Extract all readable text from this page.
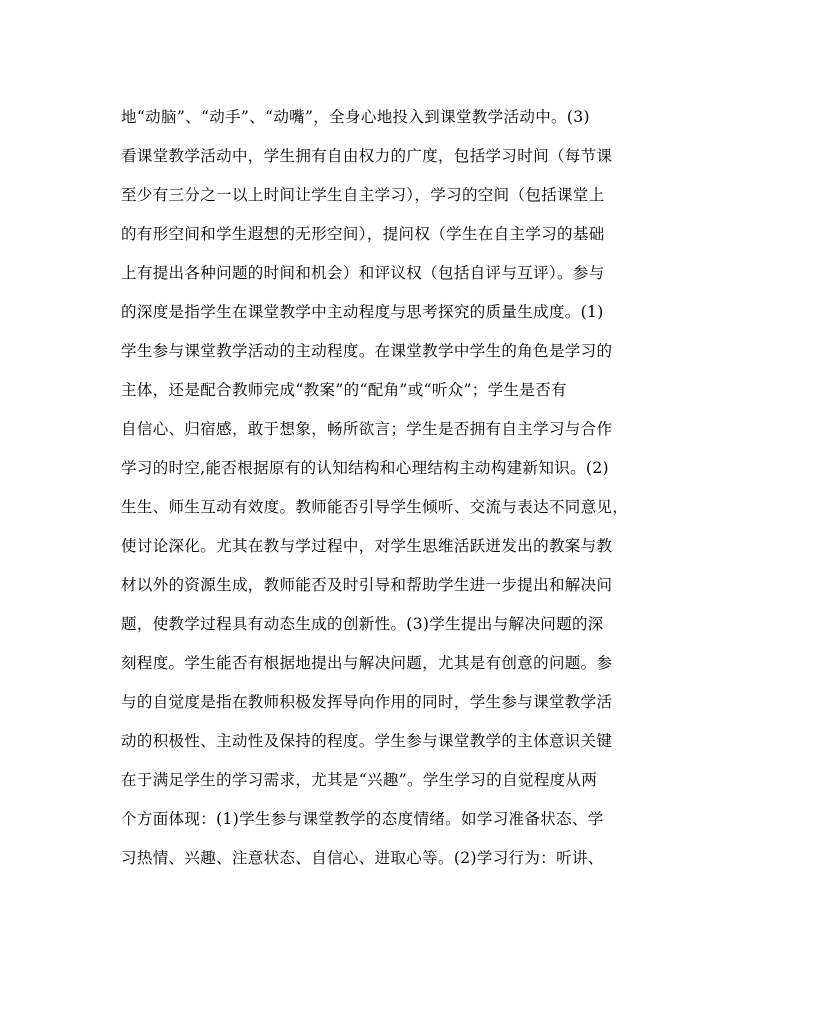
地“动脑”、“动手”、“动嘴”，全身心地投入到课堂教学活动中。(3)
看课堂教学活动中，学生拥有自由权力的广度，包括学习时间（每节课
至少有三分之一以上时间让学生自主学习），学习的空间（包括课堂上
的有形空间和学生遐想的无形空间），提问权（学生在自主学习的基础
上有提出各种问题的时间和机会）和评议权（包括自评与互评）。参与
的深度是指学生在课堂教学中主动程度与思考探究的质量生成度。(1)
学生参与课堂教学活动的主动程度。在课堂教学中学生的角色是学习的
主体，还是配合教师完成“教案”的“配角”或“听众”；学生是否有
自信心、归宿感，敢于想象，畅所欲言；学生是否拥有自主学习与合作
学习的时空,能否根据原有的认知结构和心理结构主动构建新知识。(2)
生生、师生互动有效度。教师能否引导学生倾听、交流与表达不同意见，
使讨论深化。尤其在教与学过程中，对学生思维活跃迸发出的教案与教
材以外的资源生成，教师能否及时引导和帮助学生进一步提出和解决问
题，使教学过程具有动态生成的创新性。(3)学生提出与解决问题的深
刻程度。学生能否有根据地提出与解决问题，尤其是有创意的问题。参
与的自觉度是指在教师积极发挥导向作用的同时，学生参与课堂教学活
动的积极性、主动性及保持的程度。学生参与课堂教学的主体意识关键
在于满足学生的学习需求，尤其是“兴趣”。学生学习的自觉程度从两
个方面体现：(1)学生参与课堂教学的态度情绪。如学习准备状态、学
习热情、兴趣、注意状态、自信心、进取心等。(2)学习行为：听讲、
